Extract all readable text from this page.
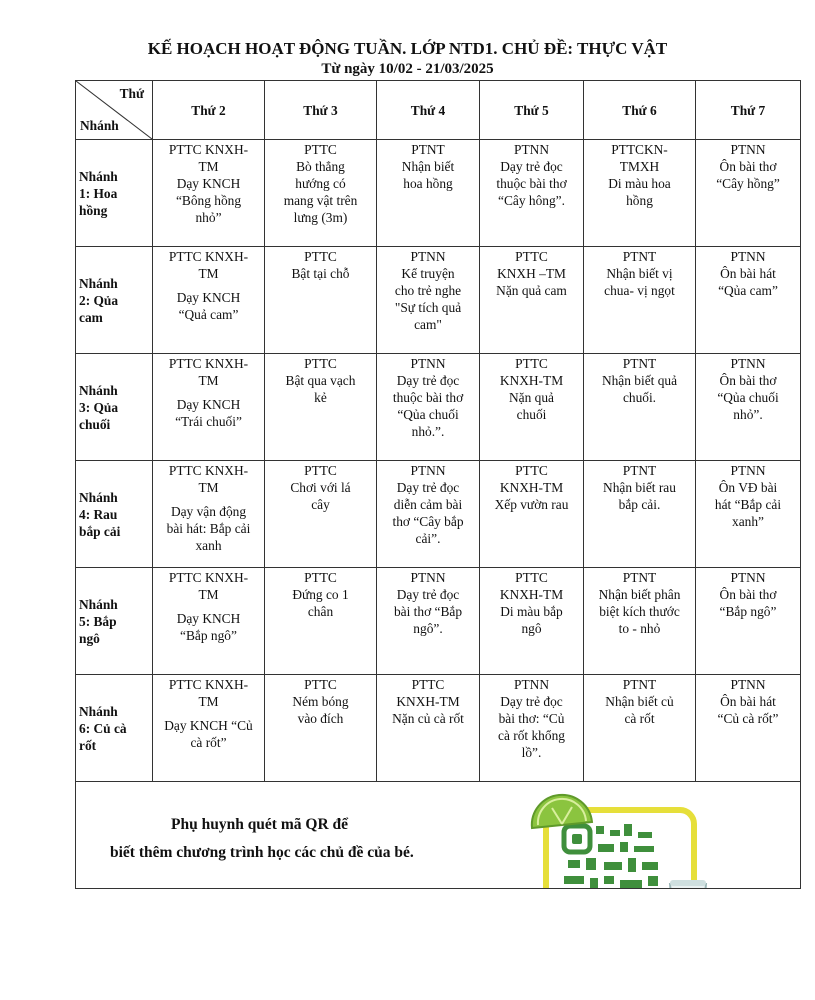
KẾ HOẠCH HOẠT ĐỘNG TUẦN. LỚP NTD1. CHỦ ĐỀ: THỰC VẬT
Từ ngày 10/02 - 21/03/2025
Thứ
Nhánh	Thứ 2	Thứ 3	Thứ 4	Thứ 5	Thứ 6	Thứ 7

Nhánh
1: Hoa
hồng	PTTC KNXH-
TM
Dạy KNCH
“Bông hồng
nhỏ”	PTTC
Bò thẳng
hướng có
mang vật trên
lưng (3m)	PTNT
Nhận biết
hoa hồng	PTNN
Dạy trẻ đọc
thuộc bài thơ
“Cây hông”.	PTTCKN-
TMXH
Di màu hoa
hồng	PTNN
Ôn bài thơ
“Cây hồng”

Nhánh
2: Qủa
cam	PTTC KNXH-
TM
Dạy KNCH
“Quả cam”	PTTC
Bật tại chỗ	PTNN
Kể truyện
cho trẻ nghe
"Sự tích quả
cam"	PTTC
KNXH –TM
Nặn quả cam	PTNT
Nhận biết vị
chua- vị ngọt	PTNN
Ôn bài hát
“Qủa cam”

Nhánh
3: Qủa
chuối	PTTC KNXH-
TM
Dạy KNCH
“Trái chuối”	PTTC
Bật qua vạch
kẻ	PTNN
Dạy trẻ đọc
thuộc bài thơ
“Qủa chuối
nhỏ.”.	PTTC
KNXH-TM
Nặn quả
chuối	PTNT
Nhận biết quả
chuối.	PTNN
Ôn bài thơ
“Qủa chuối
nhỏ”.

Nhánh
4: Rau
bắp cải	PTTC KNXH-
TM
Dạy vận động
bài hát: Bắp cải
xanh	PTTC
Chơi với lá
cây	PTNN
Dạy trẻ đọc
diễn cảm bài
thơ “Cây bắp
cải”.	PTTC
KNXH-TM
Xếp vườn rau	PTNT
Nhận biết rau
bắp cải.	PTNN
Ôn VĐ bài
hát “Bắp cải
xanh”

Nhánh
5: Bắp
ngô	PTTC KNXH-
TM
Dạy KNCH
“Bắp ngô”	PTTC
Đứng co 1
chân	PTNN
Dạy trẻ đọc
bài thơ “Bắp
ngô”.	PTTC
KNXH-TM
Di màu bắp
ngô	PTNT
Nhận biết phân
biệt kích thước
to - nhỏ	PTNN
Ôn bài thơ
“Bắp ngô”

Nhánh
6: Củ cà
rốt	PTTC KNXH-
TM
Dạy KNCH “Củ
cà rốt”	PTTC
Ném bóng
vào đích	PTTC
KNXH-TM
Nặn củ cà rốt	PTNN
Dạy trẻ đọc
bài thơ: “Củ
cà rốt khổng
lồ”.	PTNT
Nhận biết củ
cà rốt	PTNN
Ôn bài hát
“Củ cà rốt”

Phụ huynh quét mã QR để
biết thêm chương trình học các chủ đề của bé.						
